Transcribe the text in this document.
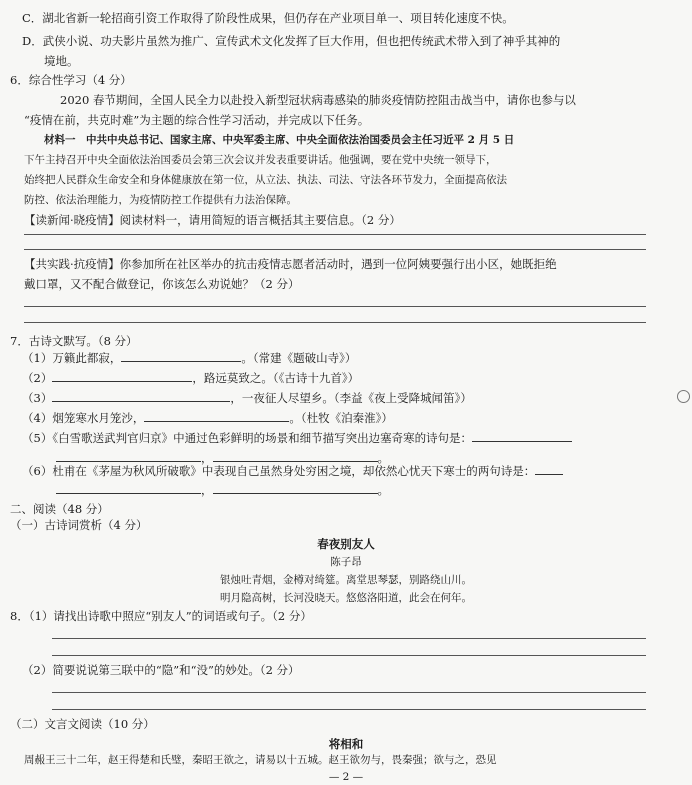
C．湖北省新一轮招商引资工作取得了阶段性成果，但仍存在产业项目单一、项目转化速度不快。
D．武侠小说、功夫影片虽然为推广、宣传武术文化发挥了巨大作用，但也把传统武术带入到了神乎其神的
境地。
6．综合性学习（4 分）
2020 春节期间，全国人民全力以赴投入新型冠状病毒感染的肺炎疫情防控阻击战当中，请你也参与以
“疫情在前，共克时难”为主题的综合性学习活动，并完成以下任务。
材料一　中共中央总书记、国家主席、中央军委主席、中央全面依法治国委员会主任习近平 2 月 5 日
下午主持召开中央全面依法治国委员会第三次会议并发表重要讲话。他强调，要在党中央统一领导下，
始终把人民群众生命安全和身体健康放在第一位，从立法、执法、司法、守法各环节发力，全面提高依法
防控、依法治理能力，为疫情防控工作提供有力法治保障。
【读新闻·晓疫情】阅读材料一，请用简短的语言概括其主要信息。（2 分）
【共实践·抗疫情】你参加所在社区举办的抗击疫情志愿者活动时，遇到一位阿姨要强行出小区，她既拒绝
戴口罩，又不配合做登记，你该怎么劝说她？（2 分）
7．古诗文默写。（8 分）
（1）万籁此都寂，	。（常建《题破山寺》）
（2）	，路远莫致之。（《古诗十九首》）
（3）	，一夜征人尽望乡。（李益《夜上受降城闻笛》）
（4）烟笼寒水月笼沙，	。（杜牧《泊秦淮》）
（5）《白雪歌送武判官归京》中通过色彩鲜明的场景和细节描写突出边塞奇寒的诗句是：
，	。
（6）杜甫在《茅屋为秋风所破歌》中表现自己虽然身处穷困之境，却依然心忧天下寒士的两句诗是：
，	。
二、阅读（48 分）
（一）古诗词赏析（4 分）
春夜别友人
陈子昂
银烛吐青烟，金樽对绮筵。离堂思琴瑟，别路绕山川。
明月隐高树，长河没晓天。悠悠洛阳道，此会在何年。
8．（1）请找出诗歌中照应“别友人”的词语或句子。（2 分）
（2）简要说说第三联中的“隐”和“没”的妙处。（2 分）
（二）文言文阅读（10 分）
将相和
周赧王三十二年，赵王得楚和氏璧，秦昭王欲之，请易以十五城。赵王欲勿与，畏秦强；欲与之，恐见
— 2 —
